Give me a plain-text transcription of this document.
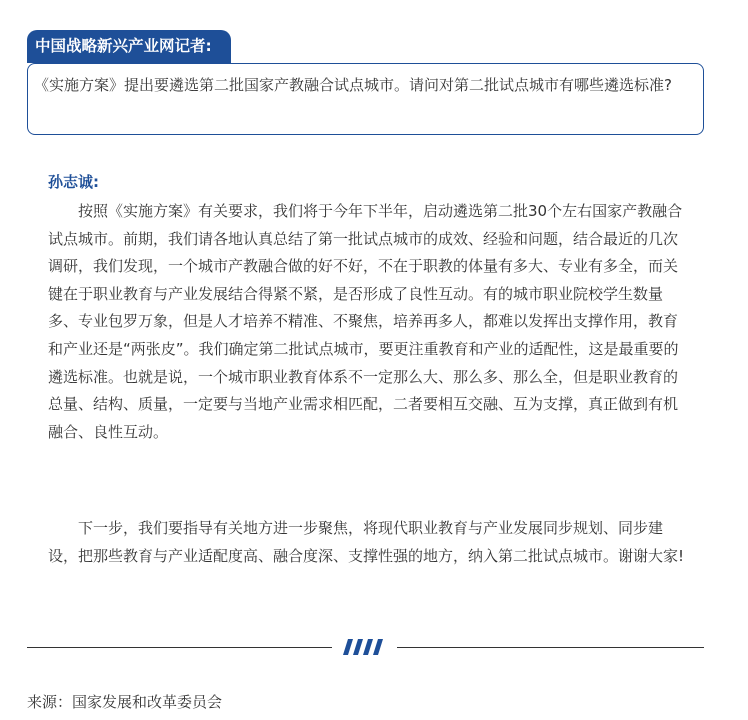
中国战略新兴产业网记者:
《实施方案》提出要遴选第二批国家产教融合试点城市。请问对第二批试点城市有哪些遴选标准?
孙志诚:

按照《实施方案》有关要求，我们将于今年下半年，启动遴选第二批30个左右国家产教融合试点城市。前期，我们请各地认真总结了第一批试点城市的成效、经验和问题，结合最近的几次调研，我们发现，一个城市产教融合做的好不好，不在于职教的体量有多大、专业有多全，而关键在于职业教育与产业发展结合得紧不紧，是否形成了良性互动。有的城市职业院校学生数量多、专业包罗万象，但是人才培养不精准、不聚焦，培养再多人，都难以发挥出支撑作用，教育和产业还是“两张皮”。我们确定第二批试点城市，要更注重教育和产业的适配性，这是最重要的遴选标准。也就是说，一个城市职业教育体系不一定那么大、那么多、那么全，但是职业教育的总量、结构、质量，一定要与当地产业需求相匹配，二者要相互交融、互为支撑，真正做到有机融合、良性互动。

下一步，我们要指导有关地方进一步聚焦，将现代职业教育与产业发展同步规划、同步建设，把那些教育与产业适配度高、融合度深、支撑性强的地方，纳入第二批试点城市。谢谢大家!

来源：国家发展和改革委员会
